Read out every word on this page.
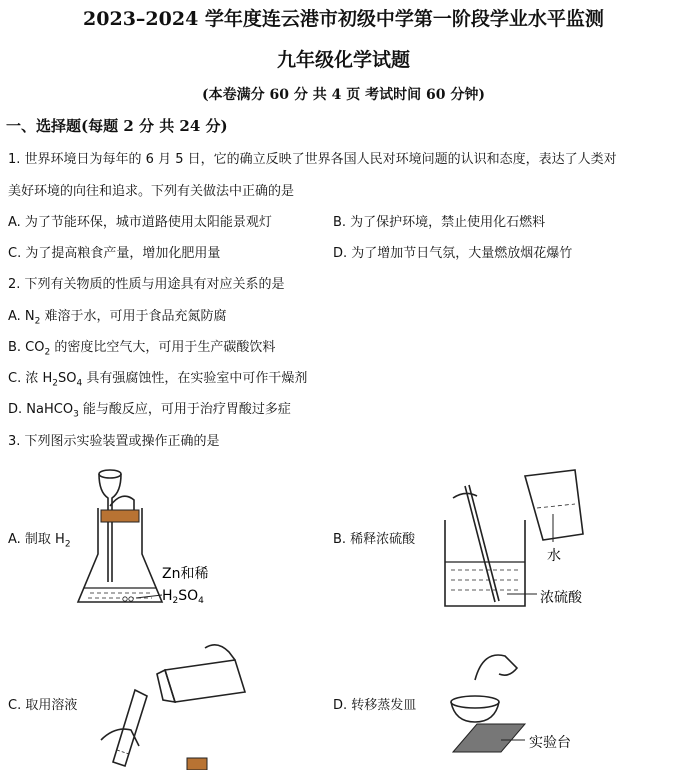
2023–2024 学年度连云港市初级中学第一阶段学业水平监测
九年级化学试题
(本卷满分 60 分 共 4 页 考试时间 60 分钟)
一、选择题(每题 2 分 共 24 分)
1. 世界环境日为每年的 6 月 5 日，它的确立反映了世界各国人民对环境问题的认识和态度，表达了人类对
美好环境的向往和追求。下列有关做法中正确的是
A. 为了节能环保，城市道路使用太阳能景观灯	B. 为了保护环境，禁止使用化石燃料
C. 为了提高粮食产量，增加化肥用量	D. 为了增加节日气氛，大量燃放烟花爆竹
2. 下列有关物质的性质与用途具有对应关系的是
A. $N_2$ 难溶于水，可用于食品充氮防腐
B. $CO_2$ 的密度比空气大，可用于生产碳酸饮料
C. 浓 $H_2SO_4$ 具有强腐蚀性，在实验室中可作干燥剂
D. NaHCO$_3$ 能与酸反应，可用于治疗胃酸过多症
3. 下列图示实验装置或操作正确的是
A. 制取 $H_2$	B. 稀释浓硫酸
C. 取用溶液	D. 转移蒸发皿
Zn和稀
$H_2SO_4$
水
浓硫酸
实验台
